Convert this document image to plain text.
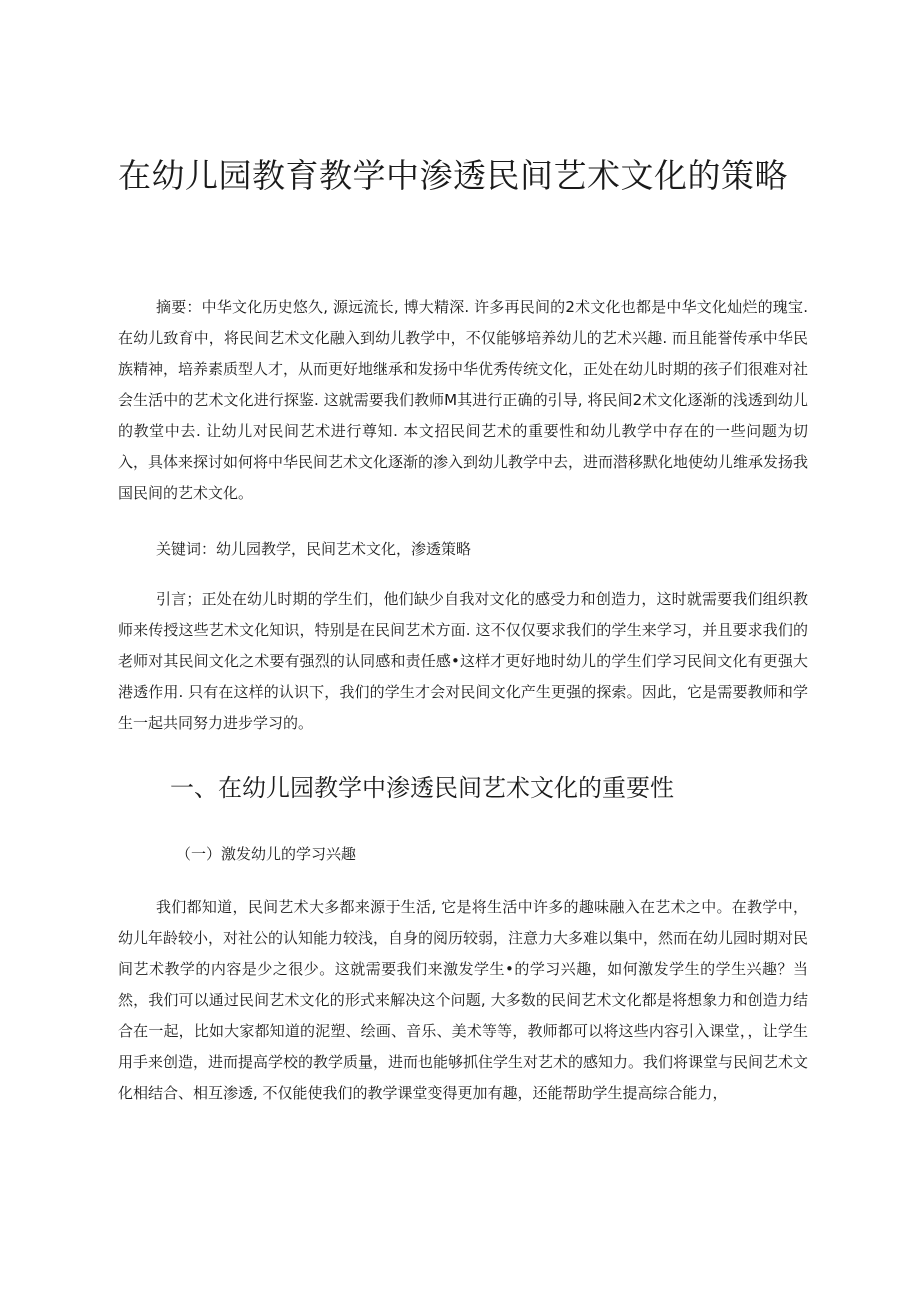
在幼儿园教育教学中渗透民间艺术文化的策略

摘要：中华文化历史悠久, 源远流长, 博大精深. 许多再民间的2术文化也都是中华文化灿烂的瑰宝. 在幼儿致育中，将民间艺术文化融入到幼儿教学中，不仅能够培养幼儿的艺术兴趣. 而且能誉传承中华民族精神，培养素质型人才，从而更好地继承和发扬中华优秀传统文化，正处在幼儿时期的孩子们很难对社会生活中的艺术文化进行探鉴. 这就需要我们教师M其进行正确的引导, 将民间2术文化逐渐的浅透到幼儿的教堂中去. 让幼儿对民间艺术进行尊知. 本文招民间艺术的重要性和幼儿教学中存在的一些问题为切入，具体来探讨如何将中华民间艺术文化逐渐的渗入到幼儿教学中去，进而潜移默化地使幼儿维承发扬我国民间的艺术文化。

关键词：幼儿园教学，民间艺术文化，渗透策略

引言；正处在幼儿时期的学生们，他们缺少自我对文化的感受力和创造力，这时就需要我们组织教师来传授这些艺术文化知识，特别是在民间艺术方面. 这不仅仅要求我们的学生来学习，并且要求我们的老师对其民间文化之术要有强烈的认同感和责任感•这样才更好地时幼儿的学生们学习民间文化有更强大港透作用. 只有在这样的认识下，我们的学生才会对民间文化产生更强的探索。因此，它是需要教师和学生一起共同努力进步学习的。

一、在幼儿园教学中渗透民间艺术文化的重要性
（一）激发幼儿的学习兴趣

我们都知道，民间艺术大多都来源于生活, 它是将生活中许多的趣味融入在艺术之中。在教学中，幼儿年龄较小，对社公的认知能力较浅，自身的阅历较弱，注意力大多难以集中，然而在幼儿园时期对民间艺术教学的内容是少之很少。这就需要我们来激发学生•的学习兴趣，如何激发学生的学生兴趣？当然，我们可以通过民间艺术文化的形式来解决这个问题, 大多数的民间艺术文化都是将想象力和创造力结合在一起，比如大家都知道的泥塑、绘画、音乐、美术等等，教师都可以将这些内容引入课堂，，让学生用手来创造，进而提高学校的教学质量，进而也能够抓住学生对艺术的感知力。我们将课堂与民间艺术文化相结合、相互渗透, 不仅能使我们的教学课堂变得更加有趣，还能帮助学生提高综合能力，
